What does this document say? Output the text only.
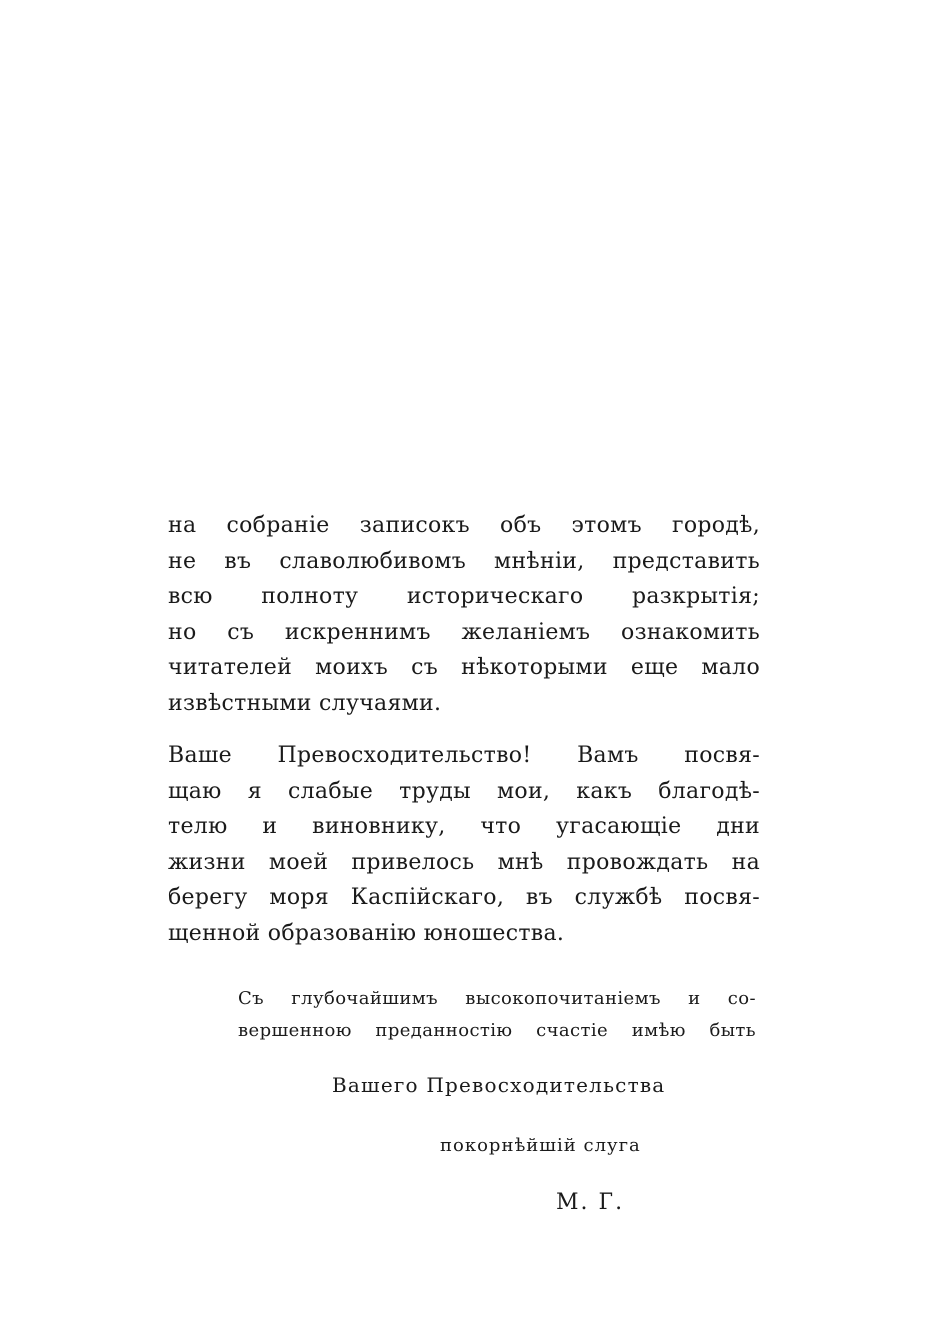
на собраніе записокъ объ этомъ городѣ,
не въ славолюбивомъ мнѣніи, представить
всю полноту историческаго разкрытія;
но съ искреннимъ желаніемъ ознакомить
читателей моихъ съ нѣкоторыми еще мало
извѣстными случаями.
Ваше Превосходительство! Вамъ посвя-
щаю я слабые труды мои, какъ благодѣ-
телю и виновнику, что угасающіе дни
жизни моей привелось мнѣ провождать на
берегу моря Каспійскаго, въ службѣ посвя-
щенной образованію юношества.
Съ глубочайшимъ высокопочитаніемъ и со-
вершенною преданностію счастіе имѣю быть
Вашего Превосходительства
покорнѣйшій слуга
М. Г.
